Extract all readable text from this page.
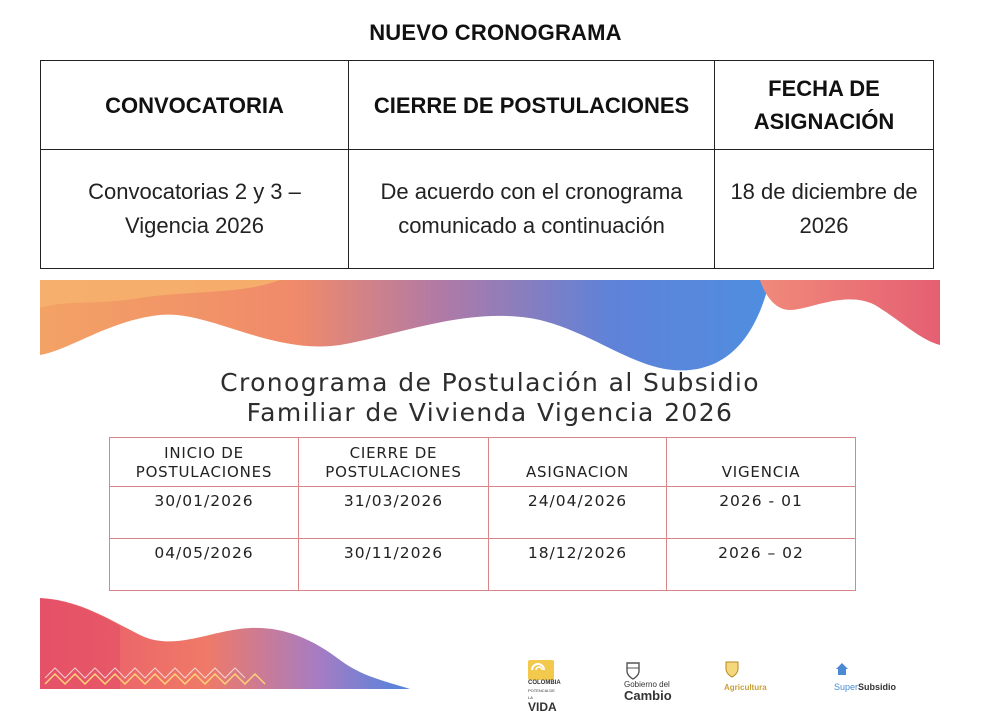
NUEVO CRONOGRAMA
CONVOCATORIA	CIERRE DE POSTULACIONES	FECHA DE ASIGNACIÓN
Convocatorias 2 y 3 – Vigencia 2026	De acuerdo con el cronograma comunicado a continuación	18 de diciembre de 2026
Cronograma de Postulación al Subsidio
Familiar de Vivienda Vigencia 2026
INICIO DE POSTULACIONES	CIERRE DE POSTULACIONES	ASIGNACION	VIGENCIA
30/01/2026	31/03/2026	24/04/2026	2026 - 01
04/05/2026	30/11/2026	18/12/2026	2026 – 02

COLOMBIA
POTENCIA DE LA
VIDA

Gobierno del
Cambio
Agricultura	SuperSubsidio
